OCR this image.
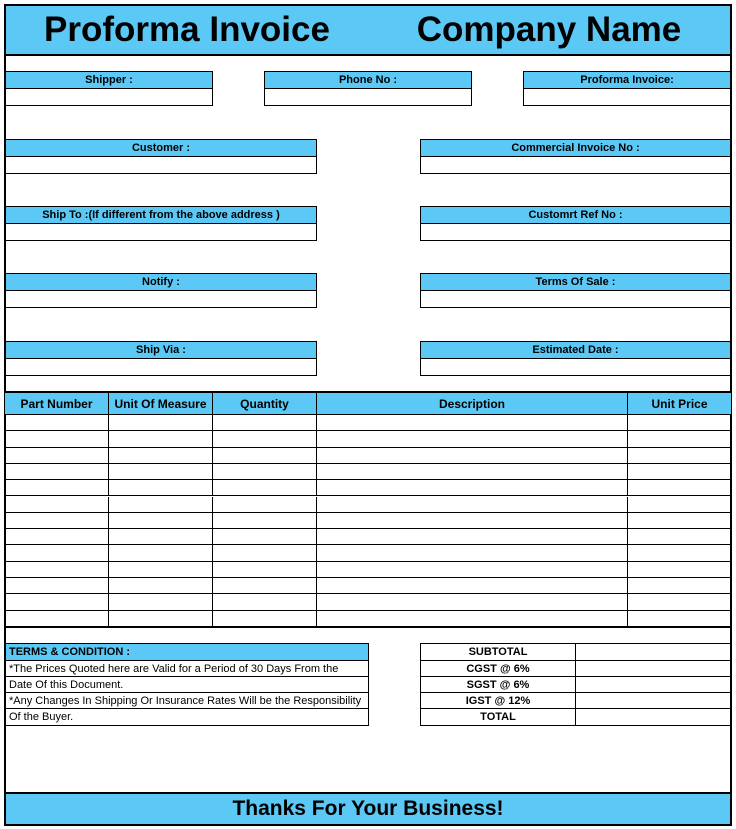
Proforma Invoice	Company Name
Shipper :	Phone No :	Proforma Invoice:
Customer :	Commercial Invoice No :
Ship To :(If different from the above address )	Customrt Ref No :
Notify :	Terms Of Sale :
Ship Via :	Estimated Date :
Part Number	Unit Of Measure	Quantity	Description	Unit Price
TERMS & CONDITION :
*The Prices Quoted here are Valid for a Period of 30 Days From the
Date Of this Document.
*Any Changes In Shipping Or Insurance Rates Will be the Responsibility
Of the Buyer.
SUBTOTAL
CGST @ 6%
SGST @ 6%
IGST @ 12%
TOTAL
Thanks For Your Business!
